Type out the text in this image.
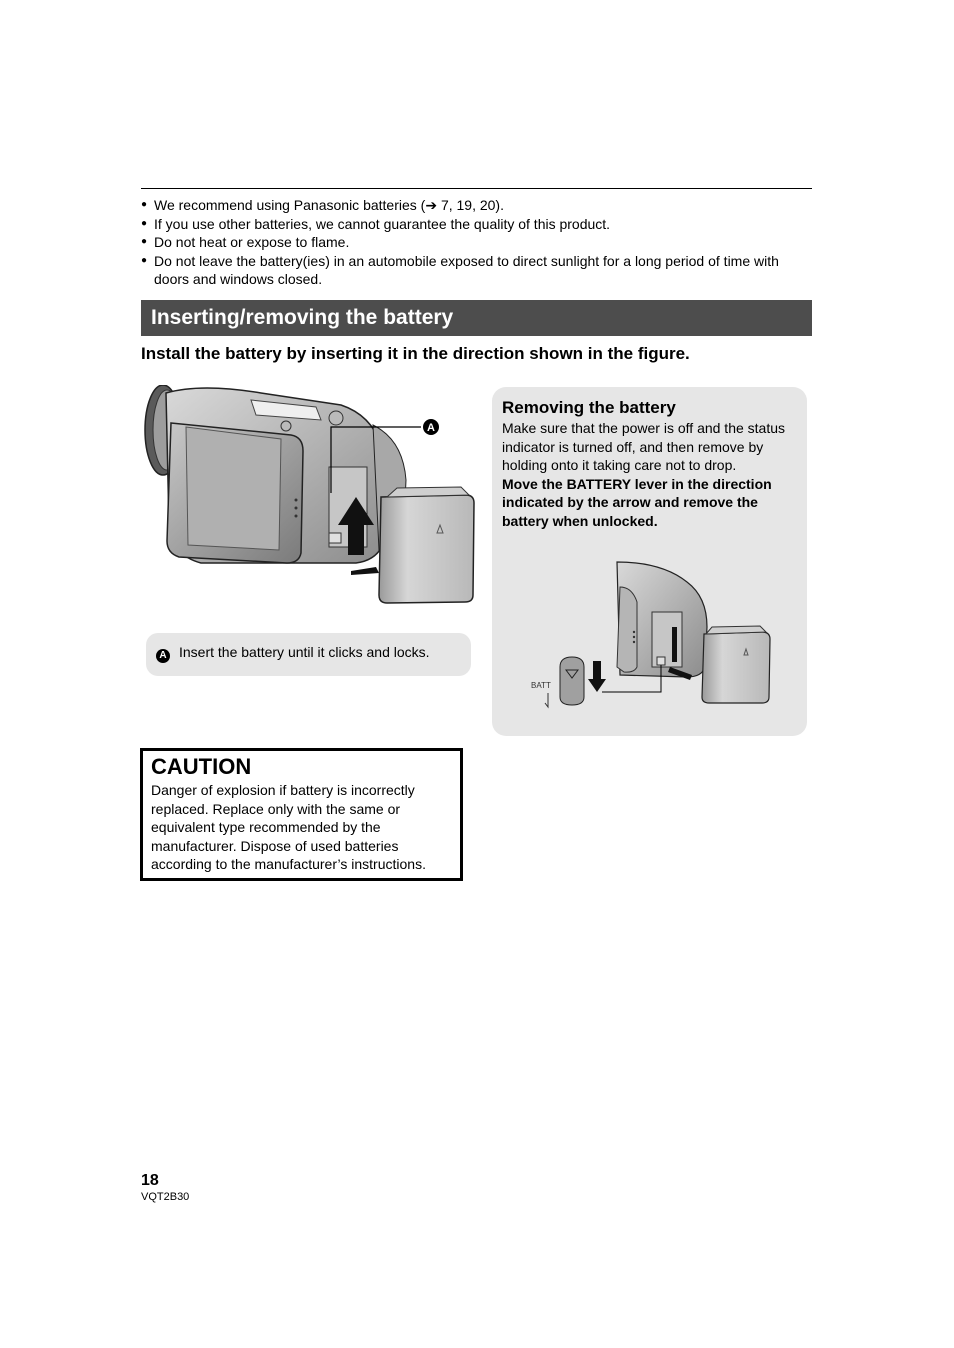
● We recommend using Panasonic batteries (➔ 7, 19, 20).
● If you use other batteries, we cannot guarantee the quality of this product.
● Do not heat or expose to flame.
● Do not leave the battery(ies) in an automobile exposed to direct sunlight for a long period of time with doors and windows closed.
Inserting/removing the battery
Install the battery by inserting it in the direction shown in the figure.
A
A Insert the battery until it clicks and locks.

Removing the battery

Make sure that the power is off and the status indicator is turned off, and then remove by holding onto it taking care not to drop.

Move the BATTERY lever in the direction indicated by the arrow and remove the battery when unlocked.

BATT

CAUTION

Danger of explosion if battery is incorrectly replaced. Replace only with the same or equivalent type recommended by the manufacturer. Dispose of used batteries according to the manufacturer’s instructions.

18
VQT2B30
